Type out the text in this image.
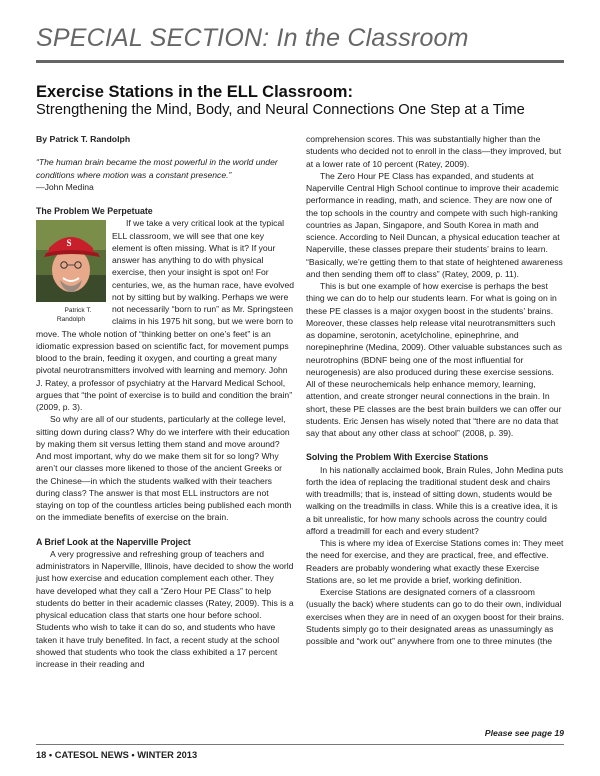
SPECIAL SECTION: In the Classroom
Exercise Stations in the ELL Classroom:
Strengthening the Mind, Body, and Neural Connections One Step at a Time

By Patrick T. Randolph

“The human brain became the most powerful in the world under conditions where motion was a constant presence.”

—John Medina

The Problem We Perpetuate

S
Patrick T. Randolph
If we take a very critical look at the typical ELL classroom, we will see that one key element is often missing. What is it? If your answer has anything to do with physical exercise, then your insight is spot on! For centuries, we, as the human race, have evolved not by sitting but by walking. Perhaps we were not necessarily “born to run” as Mr. Springsteen claims in his 1975 hit song, but we were born to move. The whole notion of “thinking better on one’s feet” is an idiomatic expression based on scientific fact, for movement pumps blood to the brain, feeding it oxygen, and courting a great many pivotal neurotransmitters involved with learning and memory. John J. Ratey, a professor of psychiatry at the Harvard Medical School, argues that “the point of exercise is to build and condition the brain” (2009, p. 3).

So why are all of our students, particularly at the college level, sitting down during class? Why do we interfere with their education by making them sit versus letting them stand and move around? And most important, why do we make them sit for so long? Why aren’t our classes more likened to those of the ancient Greeks or the Chinese—in which the students walked with their teachers during class? The answer is that most ELL instructors are not staying on top of the countless articles being published each month on the immediate benefits of exercise on the brain.

A Brief Look at the Naperville Project

A very progressive and refreshing group of teachers and administrators in Naperville, Illinois, have decided to show the world just how exercise and education complement each other. They have developed what they call a “Zero Hour PE Class” to help students do better in their academic classes (Ratey, 2009). This is a physical education class that starts one hour before school. Students who wish to take it can do so, and students who have taken it have truly benefited. In fact, a recent study at the school showed that students who took the class exhibited a 17 percent increase in their reading and

comprehension scores. This was substantially higher than the students who decided not to enroll in the class—they improved, but at a lower rate of 10 percent (Ratey, 2009).

The Zero Hour PE Class has expanded, and students at Naperville Central High School continue to improve their academic performance in reading, math, and science. They are now one of the top schools in the country and compete with such high-ranking countries as Japan, Singapore, and South Korea in math and science. According to Neil Duncan, a physical education teacher at Naperville, these classes prepare their students’ brains to learn. “Basically, we’re getting them to that state of heightened awareness and then sending them off to class” (Ratey, 2009, p. 11).

This is but one example of how exercise is perhaps the best thing we can do to help our students learn. For what is going on in these PE classes is a major oxygen boost in the students’ brains. Moreover, these classes help release vital neurotransmitters such as dopamine, serotonin, acetylcholine, epinephrine, and norepinephrine (Medina, 2009). Other valuable substances such as neurotrophins (BDNF being one of the most influential for neurogenesis) are also produced during these exercise sessions. All of these neurochemicals help enhance memory, learning, attention, and create stronger neural connections in the brain. In short, these PE classes are the best brain builders we can offer our students. Eric Jensen has wisely noted that “there are no data that say that about any other class at school” (2008, p. 39).

Solving the Problem With Exercise Stations

In his nationally acclaimed book, Brain Rules, John Medina puts forth the idea of replacing the traditional student desk and chairs with treadmills; that is, instead of sitting down, students would be walking on the treadmills in class. While this is a creative idea, it is a bit unrealistic, for how many schools across the country could afford a treadmill for each and every student?

This is where my idea of Exercise Stations comes in: They meet the need for exercise, and they are practical, free, and effective. Readers are probably wondering what exactly these Exercise Stations are, so let me provide a brief, working definition.

Exercise Stations are designated corners of a classroom (usually the back) where students can go to do their own, individual exercises when they are in need of an oxygen boost for their brains. Students simply go to their designated areas as unassumingly as possible and “work out” anywhere from one to three minutes (the

Please see page 19
18 • CATESOL NEWS • WINTER 2013
